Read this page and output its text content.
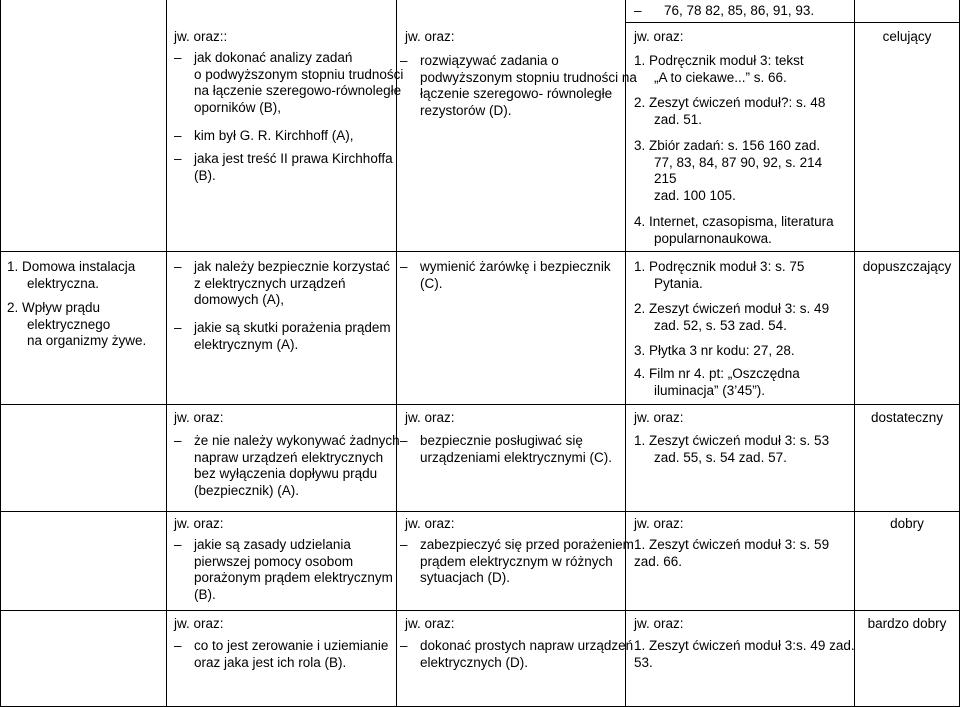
76, 78 82, 85, 86, 91, 93.
–
jw. oraz::
– jak dokonać analizy zadań
o podwyższonym stopniu trudności
na łączenie szeregowo-równoległe
oporników (B),
– kim był G. R. Kirchhoff (A),
– jaka jest treść II prawa Kirchhoffa
(B).
jw. oraz:
– rozwiązywać zadania o
podwyższonym stopniu trudności na
łączenie szeregowo- równoległe
rezystorów (D).
jw. oraz:
1. Podręcznik moduł 3: tekst
„A to ciekawe...” s. 66.
2. Zeszyt ćwiczeń moduł?: s. 48
zad. 51.
3. Zbiór zadań: s. 156 160 zad.
77, 83, 84, 87 90, 92, s. 214
215
zad. 100 105.
4. Internet, czasopisma, literatura
popularnonaukowa.
celujący
1. Domowa instalacja
elektryczna.
2. Wpływ prądu
elektrycznego
na organizmy żywe.
– jak należy bezpiecznie korzystać
z elektrycznych urządzeń
domowych (A),
– jakie są skutki porażenia prądem
elektrycznym (A).
– wymienić żarówkę i bezpiecznik
(C).
1. Podręcznik moduł 3: s. 75
Pytania.
2. Zeszyt ćwiczeń moduł 3: s. 49
zad. 52, s. 53 zad. 54.
3. Płytka 3 nr kodu: 27, 28.
4. Film nr 4. pt: „Oszczędna
iluminacja” (3’45”).
dopuszczający
jw. oraz:
– że nie należy wykonywać żadnych
napraw urządzeń elektrycznych
bez wyłączenia dopływu prądu
(bezpiecznik) (A).
jw. oraz:
– bezpiecznie posługiwać się
urządzeniami elektrycznymi (C).
jw. oraz:
1. Zeszyt ćwiczeń moduł 3: s. 53
zad. 55, s. 54 zad. 57.
dostateczny
jw. oraz:
– jakie są zasady udzielania
pierwszej pomocy osobom
porażonym prądem elektrycznym
(B).
jw. oraz:
– zabezpieczyć się przed porażeniem
prądem elektrycznym w różnych
sytuacjach (D).
jw. oraz:
1. Zeszyt ćwiczeń moduł 3: s. 59
zad. 66.
dobry
jw. oraz:
– co to jest zerowanie i uziemianie
oraz jaka jest ich rola (B).
jw. oraz:
– dokonać prostych napraw urządzeń
elektrycznych (D).
jw. oraz:
1. Zeszyt ćwiczeń moduł 3:s. 49 zad.
53.
bardzo dobry
